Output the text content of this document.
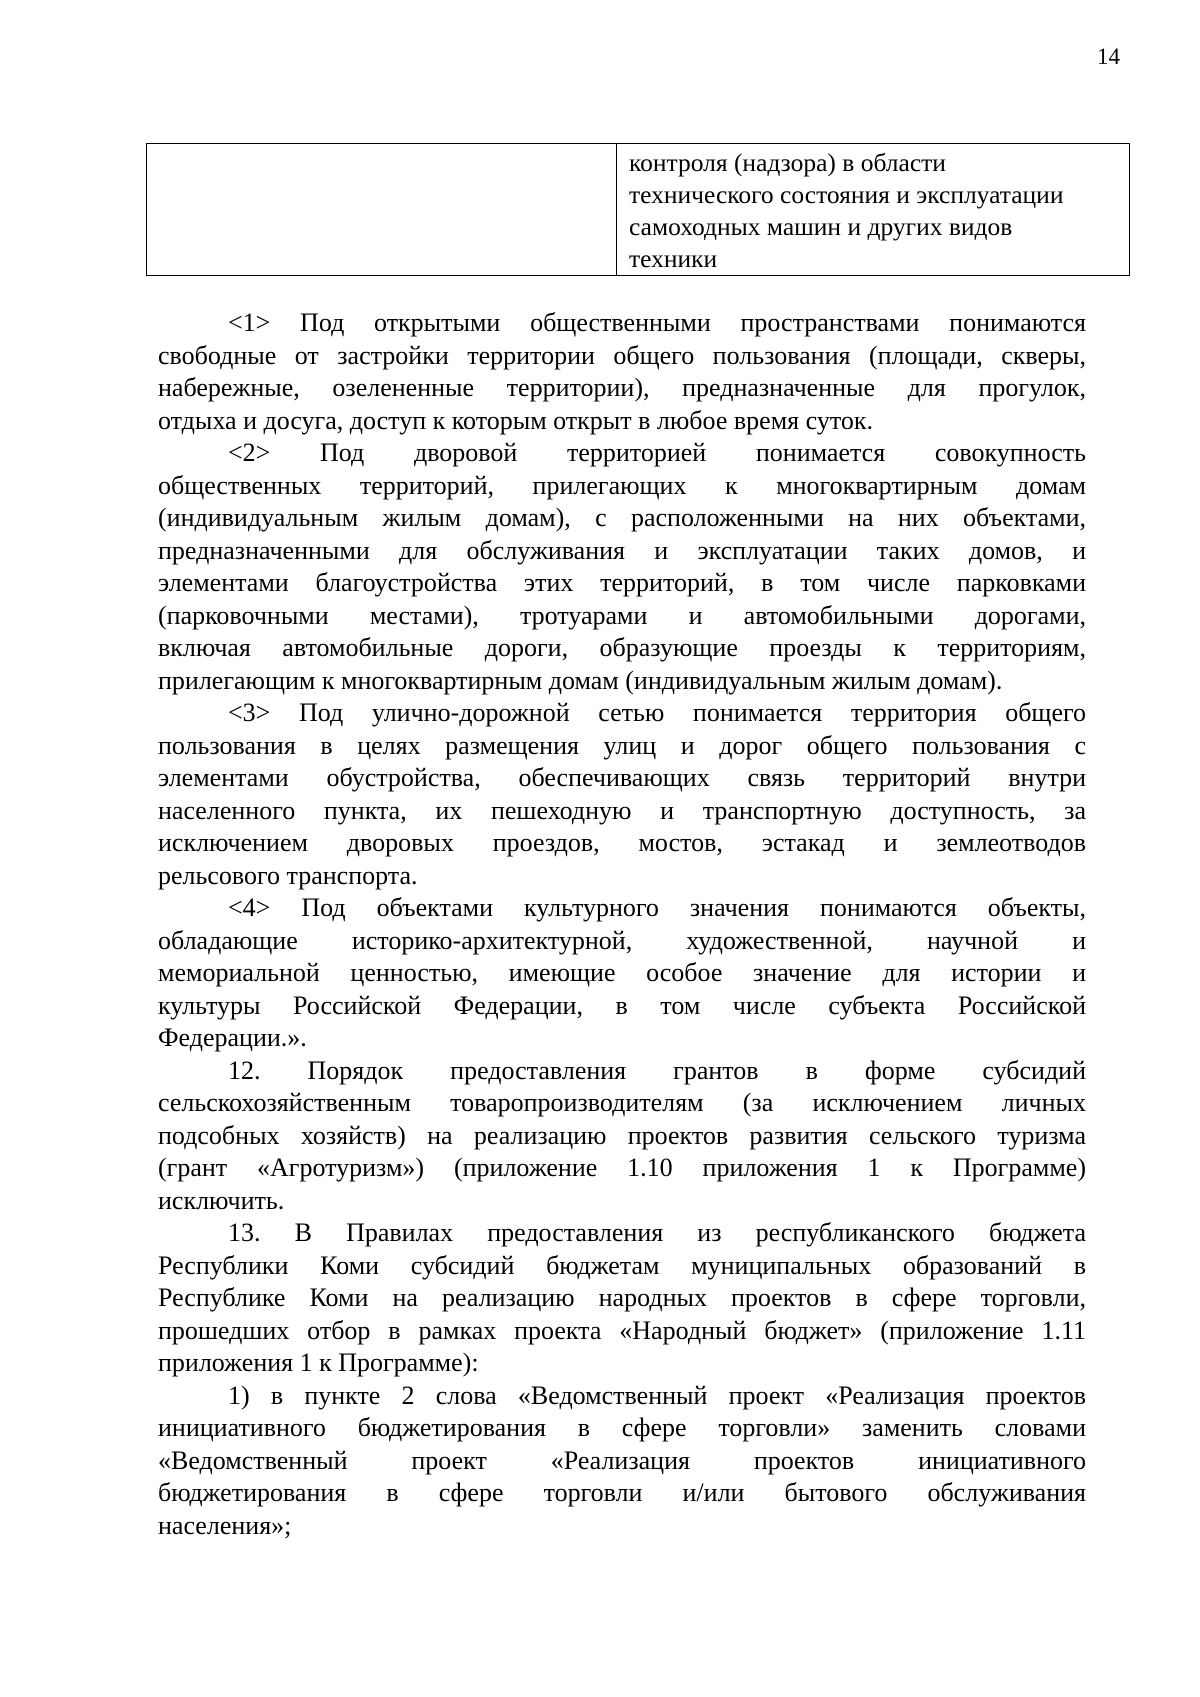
14

контроля (надзора) в области
технического состояния и эксплуатации
самоходных машин и других видов
техники
<1> Под открытыми общественными пространствами понимаются
свободные от застройки территории общего пользования (площади, скверы,
набережные, озелененные территории), предназначенные для прогулок,
отдыха и досуга, доступ к которым открыт в любое время суток.
<2> Под дворовой территорией понимается совокупность
общественных территорий, прилегающих к многоквартирным домам
(индивидуальным жилым домам), с расположенными на них объектами,
предназначенными для обслуживания и эксплуатации таких домов, и
элементами благоустройства этих территорий, в том числе парковками
(парковочными местами), тротуарами и автомобильными дорогами,
включая автомобильные дороги, образующие проезды к территориям,
прилегающим к многоквартирным домам (индивидуальным жилым домам).
<3> Под улично-дорожной сетью понимается территория общего
пользования в целях размещения улиц и дорог общего пользования с
элементами обустройства, обеспечивающих связь территорий внутри
населенного пункта, их пешеходную и транспортную доступность, за
исключением дворовых проездов, мостов, эстакад и землеотводов
рельсового транспорта.
<4> Под объектами культурного значения понимаются объекты,
обладающие историко-архитектурной, художественной, научной и
мемориальной ценностью, имеющие особое значение для истории и
культуры Российской Федерации, в том числе субъекта Российской
Федерации.».
12. Порядок предоставления грантов в форме субсидий
сельскохозяйственным товаропроизводителям (за исключением личных
подсобных хозяйств) на реализацию проектов развития сельского туризма
(грант «Агротуризм») (приложение 1.10 приложения 1 к Программе)
исключить.
13. В Правилах предоставления из республиканского бюджета
Республики Коми субсидий бюджетам муниципальных образований в
Республике Коми на реализацию народных проектов в сфере торговли,
прошедших отбор в рамках проекта «Народный бюджет» (приложение 1.11
приложения 1 к Программе):
1) в пункте 2 слова «Ведомственный проект «Реализация проектов
инициативного бюджетирования в сфере торговли» заменить словами
«Ведомственный проект «Реализация проектов инициативного
бюджетирования в сфере торговли и/или бытового обслуживания
населения»;
